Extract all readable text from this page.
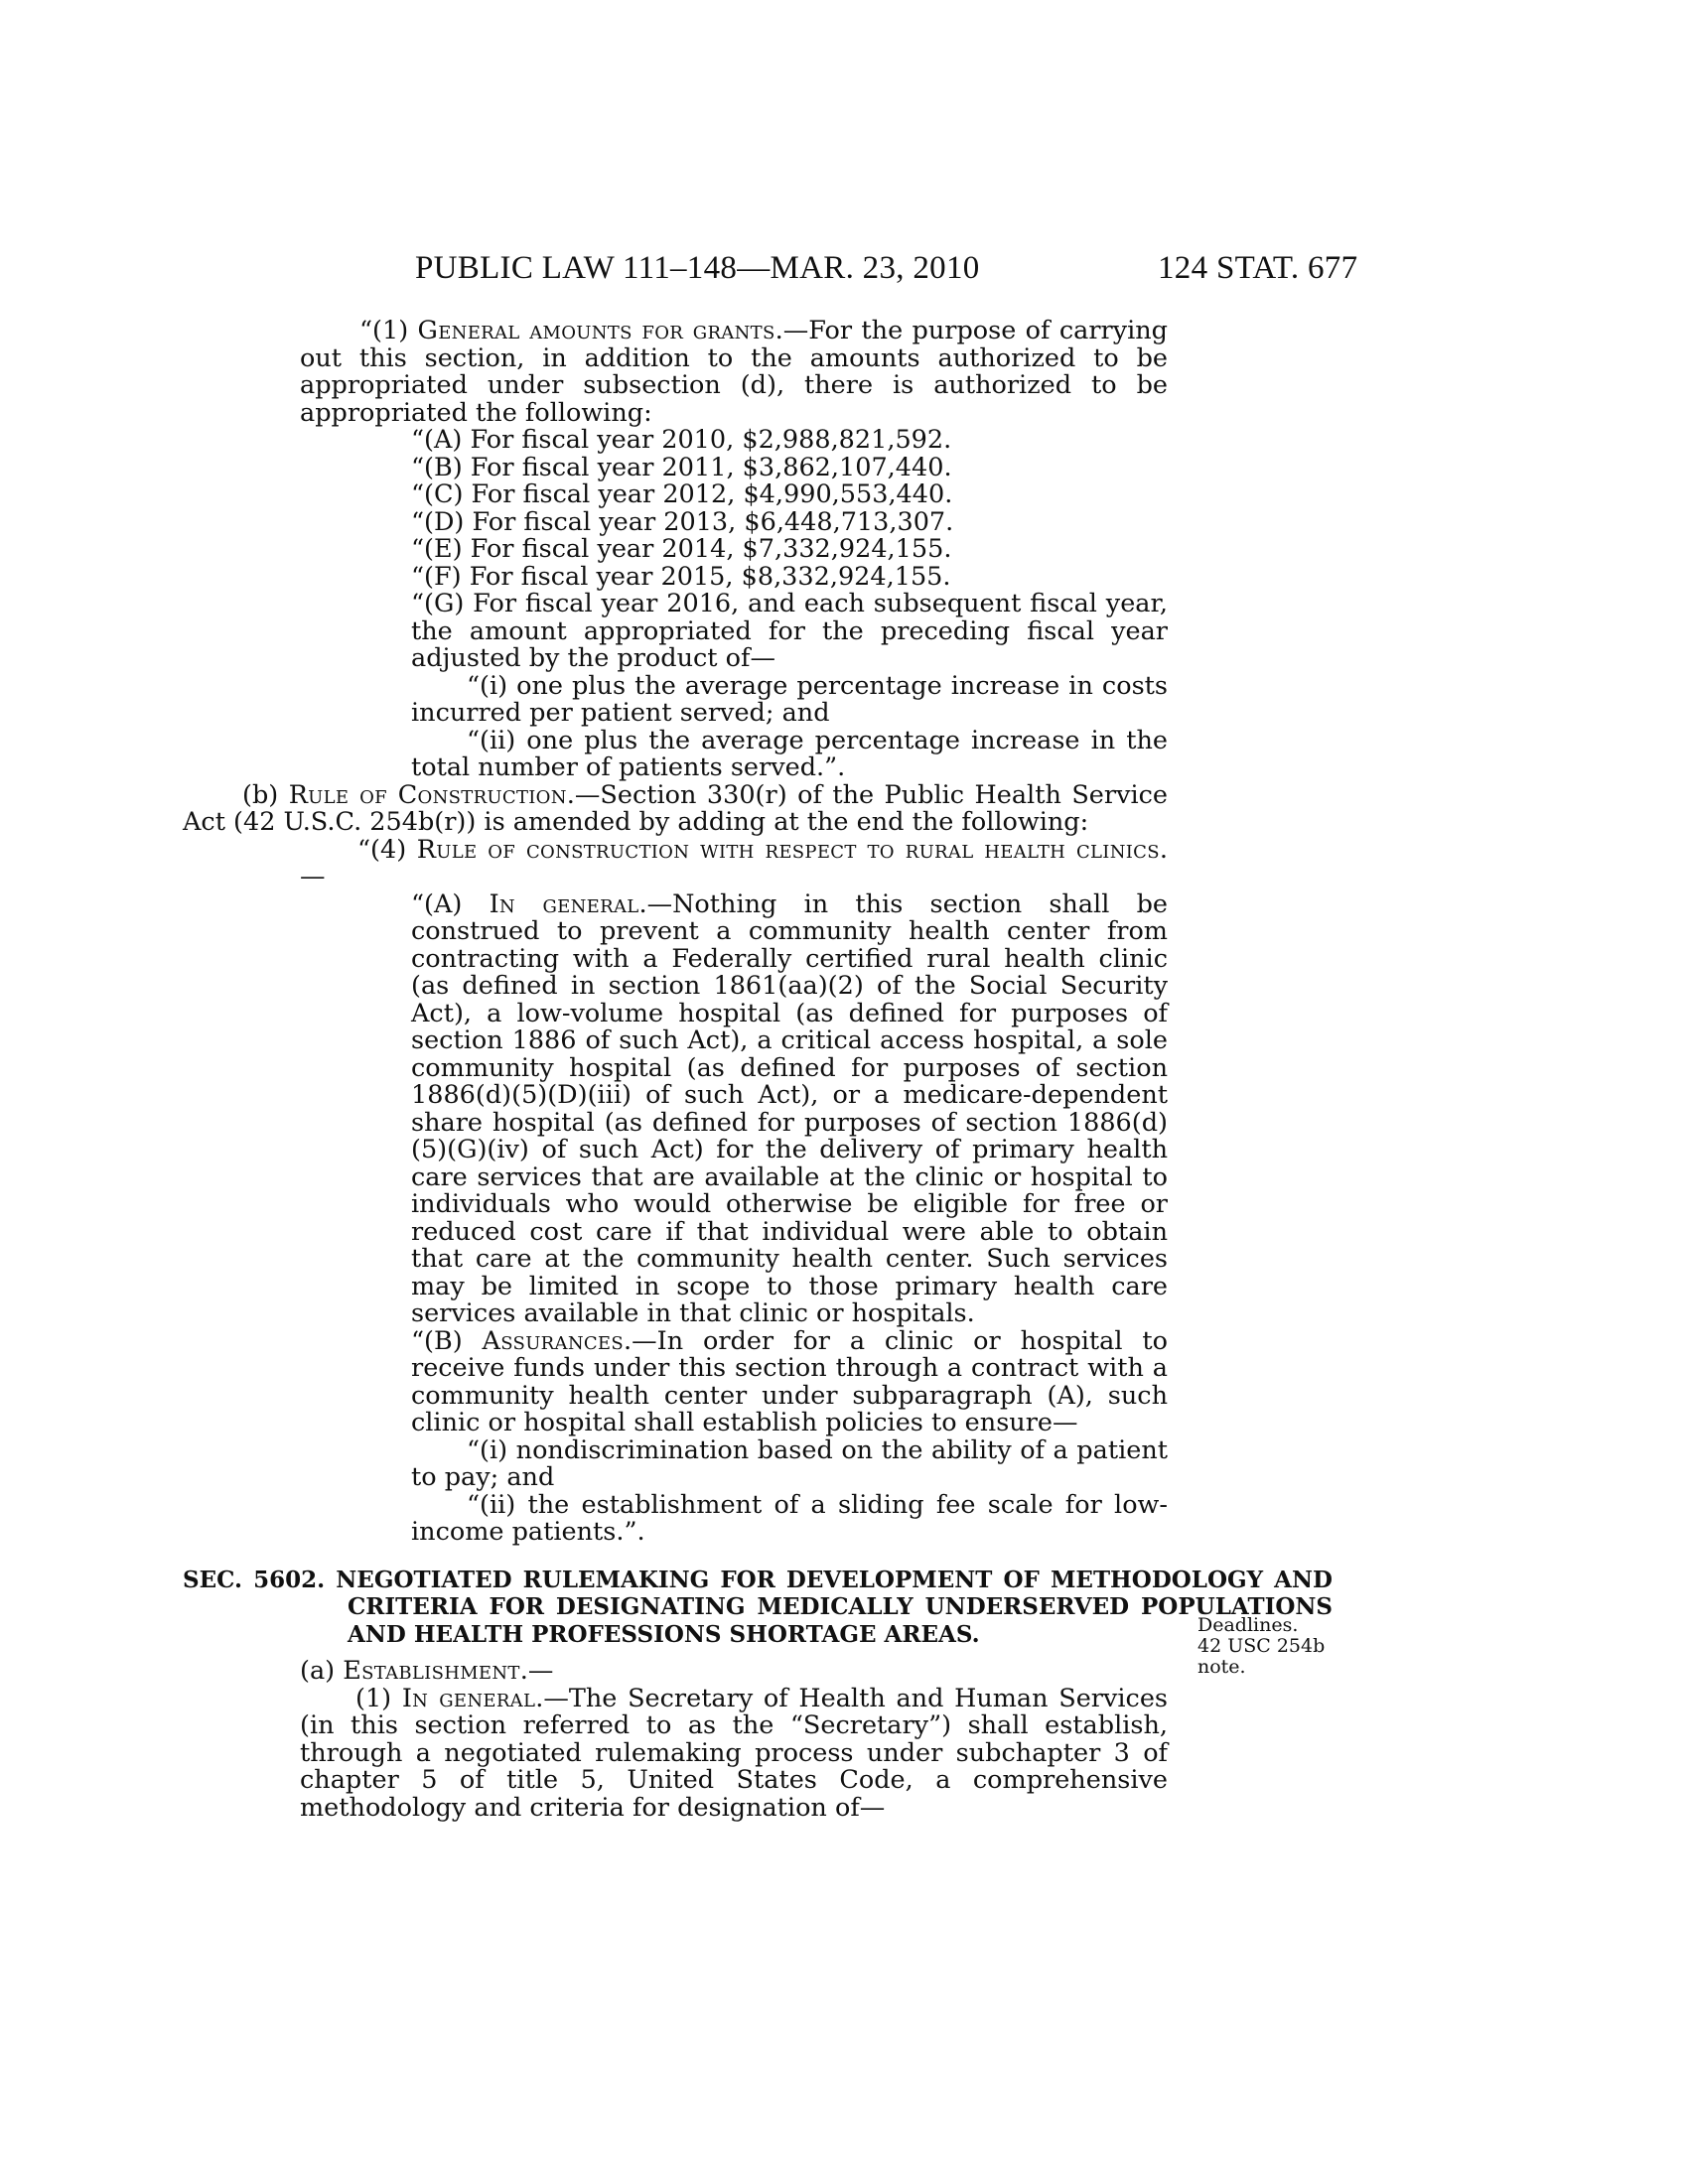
PUBLIC LAW 111–148—MAR. 23, 2010	124 STAT. 677

“(1) General amounts for grants.—For the purpose of carrying out this section, in addition to the amounts authorized to be appropriated under subsection (d), there is authorized to be appropriated the following:

“(A) For fiscal year 2010, $2,988,821,592.

“(B) For fiscal year 2011, $3,862,107,440.

“(C) For fiscal year 2012, $4,990,553,440.

“(D) For fiscal year 2013, $6,448,713,307.

“(E) For fiscal year 2014, $7,332,924,155.

“(F) For fiscal year 2015, $8,332,924,155.

“(G) For fiscal year 2016, and each subsequent fiscal year, the amount appropriated for the preceding fiscal year adjusted by the product of—

“(i) one plus the average percentage increase in costs incurred per patient served; and

“(ii) one plus the average percentage increase in the total number of patients served.”.

(b) Rule of Construction.—Section 330(r) of the Public Health Service Act (42 U.S.C. 254b(r)) is amended by adding at the end the following:

“(4) Rule of construction with respect to rural health clinics.—

“(A) In general.—Nothing in this section shall be construed to prevent a community health center from contracting with a Federally certified rural health clinic (as defined in section 1861(aa)(2) of the Social Security Act), a low-volume hospital (as defined for purposes of section 1886 of such Act), a critical access hospital, a sole community hospital (as defined for purposes of section 1886(d)(5)(D)(iii) of such Act), or a medicare-dependent share hospital (as defined for purposes of section 1886(d)(5)(G)(iv) of such Act) for the delivery of primary health care services that are available at the clinic or hospital to individuals who would otherwise be eligible for free or reduced cost care if that individual were able to obtain that care at the community health center. Such services may be limited in scope to those primary health care services available in that clinic or hospitals.

“(B) Assurances.—In order for a clinic or hospital to receive funds under this section through a contract with a community health center under subparagraph (A), such clinic or hospital shall establish policies to ensure—

“(i) nondiscrimination based on the ability of a patient to pay; and

“(ii) the establishment of a sliding fee scale for low-income patients.”.

SEC. 5602. NEGOTIATED RULEMAKING FOR DEVELOPMENT OF METHODOLOGY AND CRITERIA FOR DESIGNATING MEDICALLY UNDERSERVED POPULATIONS AND HEALTH PROFESSIONS SHORTAGE AREAS.

(a) Establishment.—

(1) In general.—The Secretary of Health and Human Services (in this section referred to as the “Secretary”) shall establish, through a negotiated rulemaking process under subchapter 3 of chapter 5 of title 5, United States Code, a comprehensive methodology and criteria for designation of—

Deadlines.
42 USC 254b
note.
